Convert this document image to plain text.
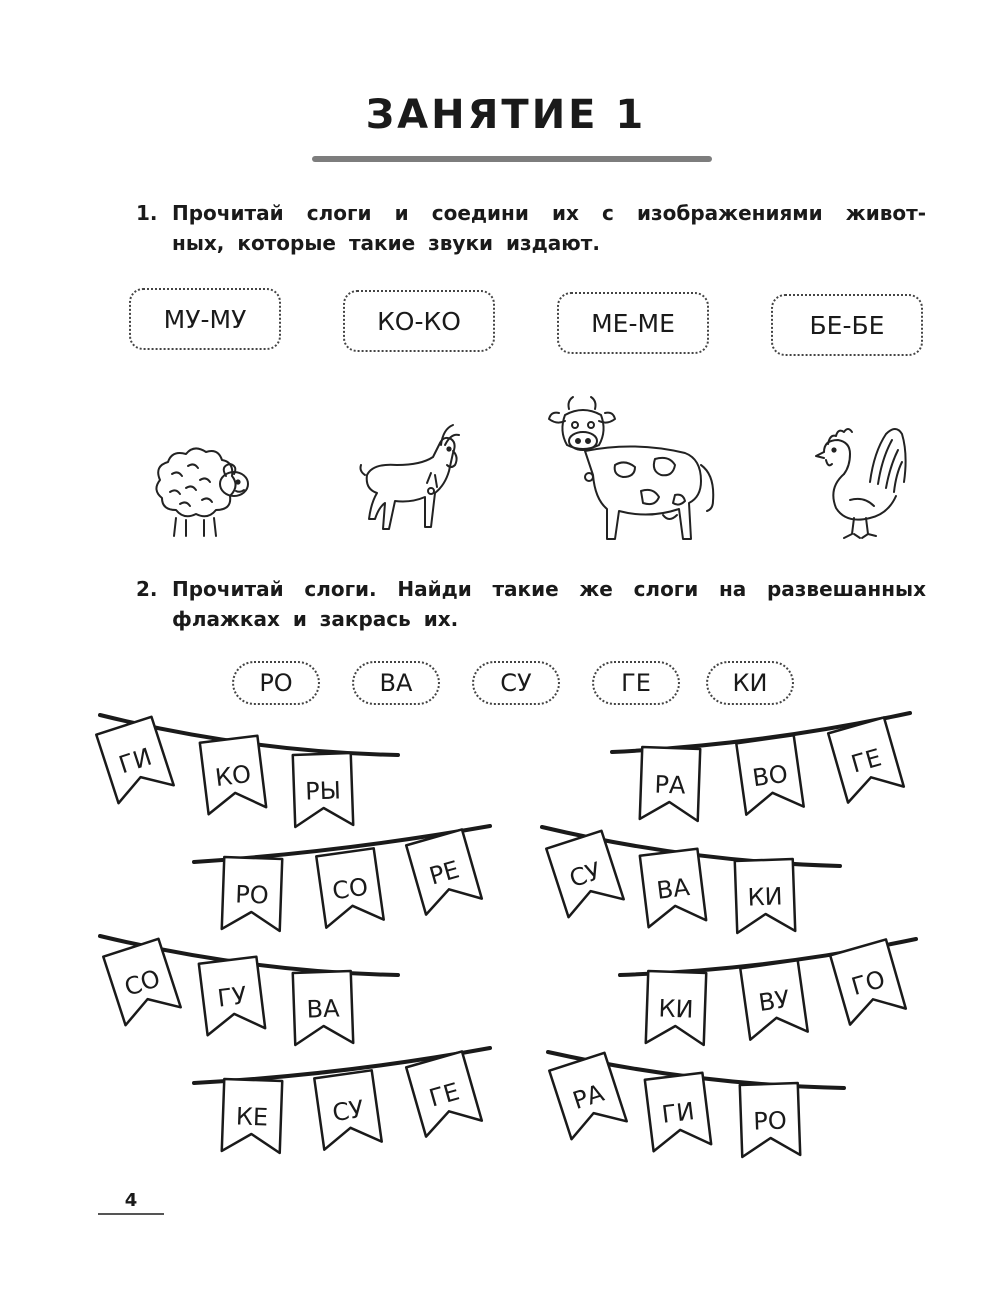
ЗАНЯТИЕ 1
1. Прочитай слоги и соедини их с изображениями живот-
ных, которые такие звуки издают.
МУ-МУ	КО-КО	МЕ-МЕ	БЕ-БЕ
2. Прочитай слоги. Найди такие же слоги на развешанных
флажках и закрась их.
РО	ВА	СУ	ГЕ	КИ
ГИ КО РЫ	РА	ВО ГЕ
РО	СО РЕ	СУ ВА КИ
СО ГУ ВА	КИ	ВУ ГО
КЕ	СУ	ГЕ	РА ГИ РО
4
